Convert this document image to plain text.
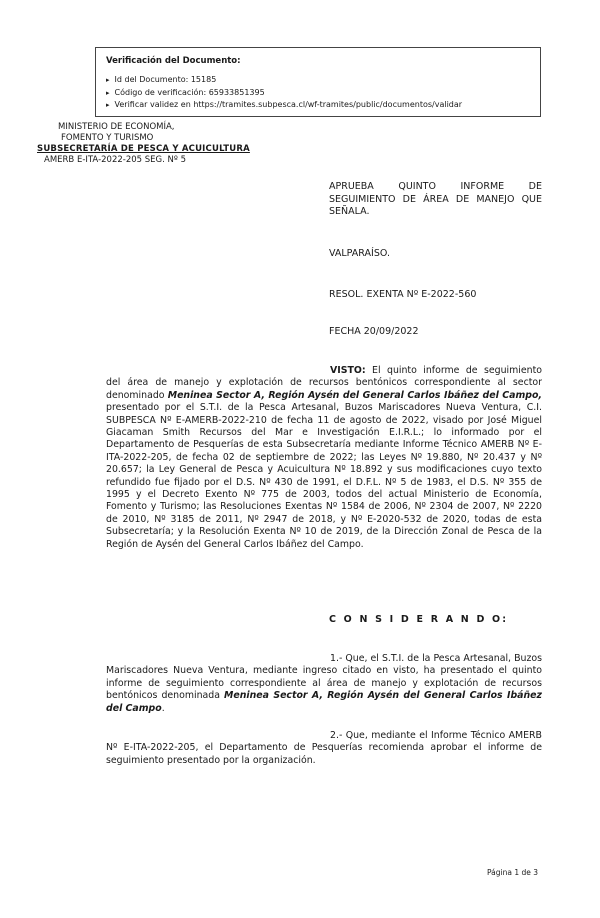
Verificación del Documento:
▸ Id del Documento: 15185
▸ Código de verificación: 65933851395
▸ Verificar validez en https://tramites.subpesca.cl/wf-tramites/public/documentos/validar
MINISTERIO DE ECONOMÍA,
FOMENTO Y TURISMO
SUBSECRETARÍA DE PESCA Y ACUICULTURA
AMERB E-ITA-2022-205 SEG. Nº 5
APRUEBA QUINTO INFORME DE SEGUIMIENTO DE ÁREA DE MANEJO QUE SEÑALA.
VALPARAÍSO.
RESOL. EXENTA Nº E-2022-560
FECHA 20/09/2022
VISTO: El quinto informe de seguimiento del área de manejo y explotación de recursos bentónicos correspondiente al sector denominado Meninea Sector A, Región Aysén del General Carlos Ibáñez del Campo, presentado por el S.T.I. de la Pesca Artesanal, Buzos Mariscadores Nueva Ventura, C.I. SUBPESCA Nº E-AMERB-2022-210 de fecha 11 de agosto de 2022, visado por José Miguel Giacaman Smith Recursos del Mar e Investigación E.I.R.L.; lo informado por el Departamento de Pesquerías de esta Subsecretaría mediante Informe Técnico AMERB Nº E-ITA-2022-205, de fecha 02 de septiembre de 2022; las Leyes Nº 19.880, Nº 20.437 y Nº 20.657; la Ley General de Pesca y Acuicultura Nº 18.892 y sus modificaciones cuyo texto refundido fue fijado por el D.S. Nº 430 de 1991, el D.F.L. Nº 5 de 1983, el D.S. Nº 355 de 1995 y el Decreto Exento Nº 775 de 2003, todos del actual Ministerio de Economía, Fomento y Turismo; las Resoluciones Exentas Nº 1584 de 2006, Nº 2304 de 2007, Nº 2220 de 2010, Nº 3185 de 2011, Nº 2947 de 2018, y Nº E-2020-532 de 2020, todas de esta Subsecretaría; y la Resolución Exenta Nº 10 de 2019, de la Dirección Zonal de Pesca de la Región de Aysén del General Carlos Ibáñez del Campo.
C O N S I D E R A N D O:
1.- Que, el S.T.I. de la Pesca Artesanal, Buzos Mariscadores Nueva Ventura, mediante ingreso citado en visto, ha presentado el quinto informe de seguimiento correspondiente al área de manejo y explotación de recursos bentónicos denominada Meninea Sector A, Región Aysén del General Carlos Ibáñez del Campo.
2.- Que, mediante el Informe Técnico AMERB Nº E-ITA-2022-205, el Departamento de Pesquerías recomienda aprobar el informe de seguimiento presentado por la organización.
Página 1 de 3
